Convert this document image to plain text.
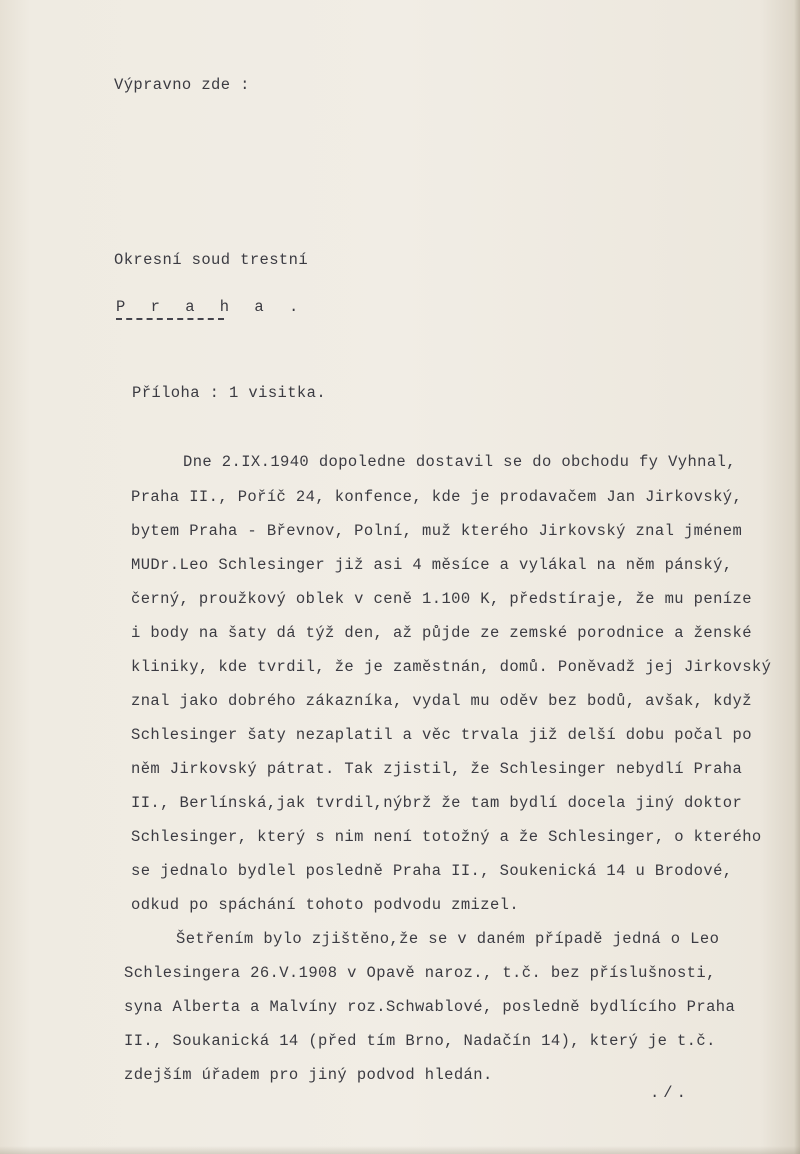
Výpravno zde :
Okresní soud trestní
P r a h a .
Příloha : 1 visitka.
Dne 2.IX.1940 dopoledne dostavil se do obchodu fy Vyhnal,
Praha II., Poříč 24, konfence, kde je prodavačem Jan Jirkovský,
bytem Praha - Břevnov, Polní, muž kterého Jirkovský znal jménem
MUDr.Leo Schlesinger již asi 4 měsíce a vylákal na něm pánský,
černý, proužkový oblek v ceně 1.100 K, předstíraje, že mu peníze
i body na šaty dá týž den, až půjde ze zemské porodnice a ženské
kliniky, kde tvrdil, že je zaměstnán, domů. Poněvadž jej Jirkovský
znal jako dobrého zákazníka, vydal mu oděv bez bodů, avšak, když
Schlesinger šaty nezaplatil a věc trvala již delší dobu počal po
něm Jirkovský pátrat. Tak zjistil, že Schlesinger nebydlí Praha
II., Berlínská,jak tvrdil,nýbrž že tam bydlí docela jiný doktor
Schlesinger, který s nim není totožný a že Schlesinger, o kterého
se jednalo bydlel posledně Praha II., Soukenická 14 u Brodové,
odkud po spáchání tohoto podvodu zmizel.
Šetřením bylo zjištěno,že se v daném případě jedná o Leo
Schlesingera 26.V.1908 v Opavě naroz., t.č. bez příslušnosti,
syna Alberta a Malvíny roz.Schwablové, posledně bydlícího Praha
II., Soukanická 14 (před tím Brno, Nadačín 14), který je t.č.
zdejším úřadem pro jiný podvod hledán.
./.
